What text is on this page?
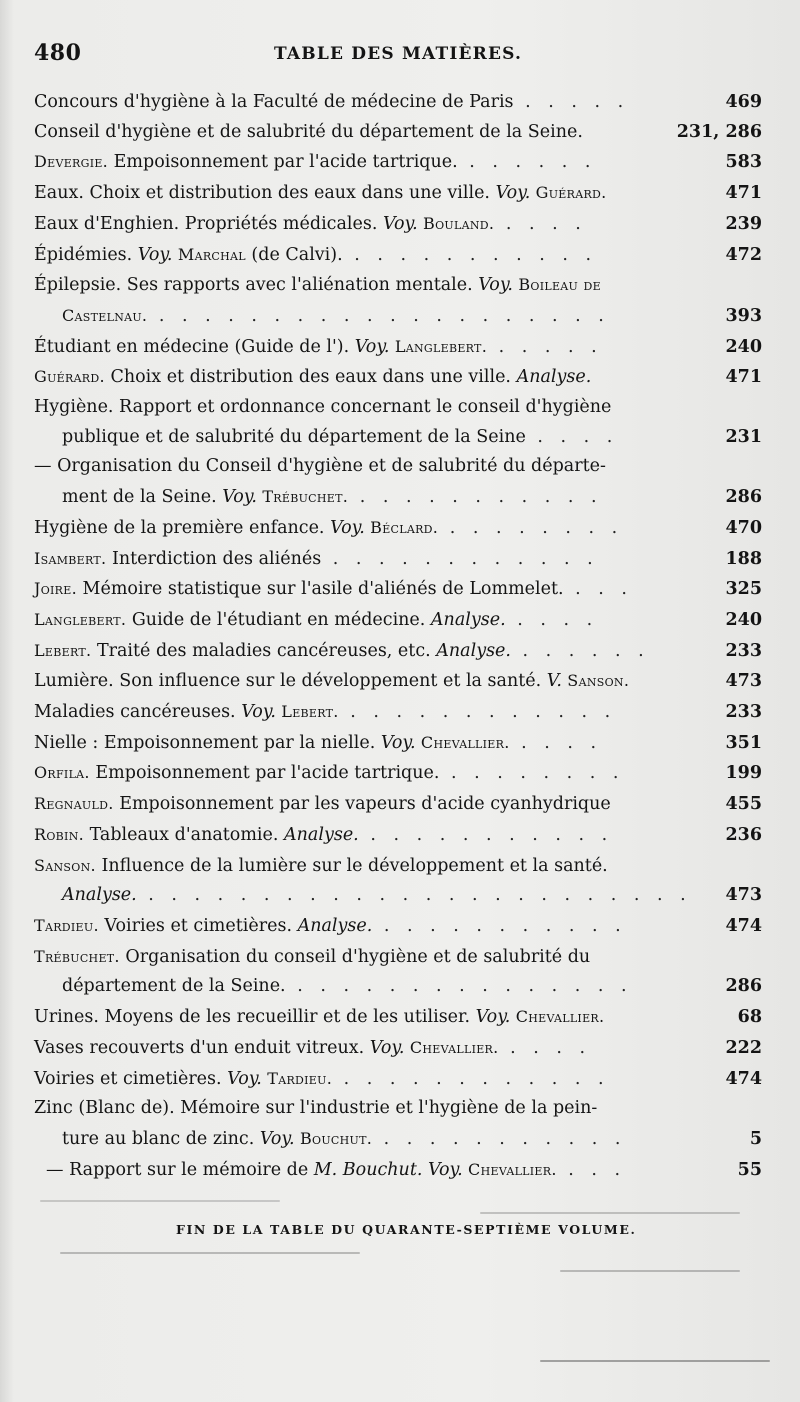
480	TABLE DES MATIÈRES.
Concours d'hygiène à la Faculté de médecine de Paris . . . . .	469
Conseil d'hygiène et de salubrité du département de la Seine.	231, 286
Devergie. Empoisonnement par l'acide tartrique. . . . . . .	583
Eaux. Choix et distribution des eaux dans une ville. Voy. Guérard.	471
Eaux d'Enghien. Propriétés médicales. Voy. Bouland. . . . .	239
Épidémies. Voy. Marchal (de Calvi). . . . . . . . . . . .	472
Épilepsie. Ses rapports avec l'aliénation mentale. Voy. Boileau de
Castelnau. . . . . . . . . . . . . . . . . . . . .	393
Étudiant en médecine (Guide de l'). Voy. Langlebert. . . . . .	240
Guérard. Choix et distribution des eaux dans une ville. Analyse.	471
Hygiène. Rapport et ordonnance concernant le conseil d'hygiène
publique et de salubrité du département de la Seine . . . .	231
— Organisation du Conseil d'hygiène et de salubrité du départe-
ment de la Seine. Voy. Trébuchet. . . . . . . . . . . .	286
Hygiène de la première enfance. Voy. Béclard. . . . . . . . .	470
Isambert. Interdiction des aliénés . . . . . . . . . . . .	188
Joire. Mémoire statistique sur l'asile d'aliénés de Lommelet. . . .	325
Langlebert. Guide de l'étudiant en médecine. Analyse. . . . .	240
Lebert. Traité des maladies cancéreuses, etc. Analyse. . . . . . .	233
Lumière. Son influence sur le développement et la santé. V. Sanson.	473
Maladies cancéreuses. Voy. Lebert. . . . . . . . . . . . .	233
Nielle : Empoisonnement par la nielle. Voy. Chevallier. . . . .	351
Orfila. Empoisonnement par l'acide tartrique. . . . . . . . .	199
Regnauld. Empoisonnement par les vapeurs d'acide cyanhydrique	455
Robin. Tableaux d'anatomie. Analyse. . . . . . . . . . . .	236
Sanson. Influence de la lumière sur le développement et la santé.
Analyse. . . . . . . . . . . . . . . . . . . . . . . . . 473
Tardieu. Voiries et cimetières. Analyse. . . . . . . . . . . .	474
Trébuchet. Organisation du conseil d'hygiène et de salubrité du
département de la Seine. . . . . . . . . . . . . . . .	286
Urines. Moyens de les recueillir et de les utiliser. Voy. Chevallier.	68
Vases recouverts d'un enduit vitreux. Voy. Chevallier. . . . .	222
Voiries et cimetières. Voy. Tardieu. . . . . . . . . . . . .	474
Zinc (Blanc de). Mémoire sur l'industrie et l'hygiène de la pein-
ture au blanc de zinc. Voy. Bouchut. . . . . . . . . . . .	5
— Rapport sur le mémoire de M. Bouchut. Voy. Chevallier. . . .	55
FIN DE LA TABLE DU QUARANTE-SEPTIÈME VOLUME.
